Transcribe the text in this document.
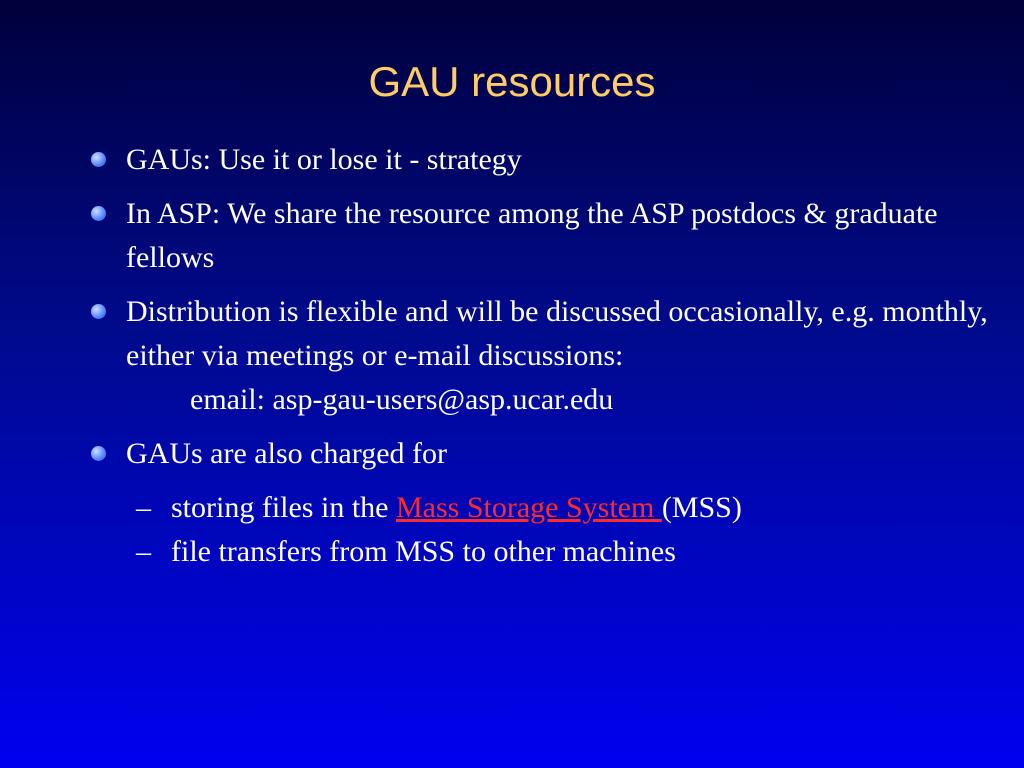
GAU resources
GAUs: Use it or lose it - strategy
In ASP: We share the resource among the ASP postdocs & graduate fellows
Distribution is flexible and will be discussed occasionally, e.g. monthly, either via meetings or e-mail discussions:
email: asp-gau-users@asp.ucar.edu
GAUs are also charged for
– storing files in the Mass Storage System (MSS)
– file transfers from MSS to other machines
